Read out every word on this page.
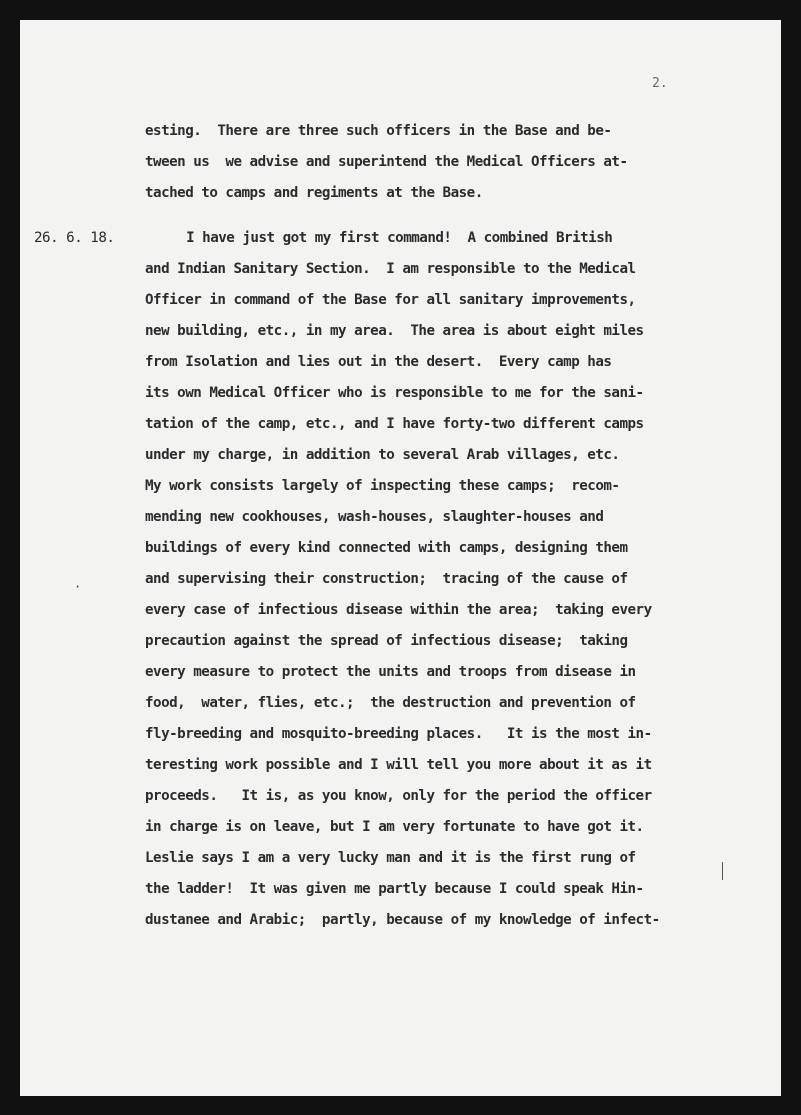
2.
esting.  There are three such officers in the Base and be-
tween us  we advise and superintend the Medical Officers at-
tached to camps and regiments at the Base.
26. 6. 18.	I have just got my first command!  A combined British
and Indian Sanitary Section.  I am responsible to the Medical
Officer in command of the Base for all sanitary improvements,
new building, etc., in my area.  The area is about eight miles
from Isolation and lies out in the desert.  Every camp has
its own Medical Officer who is responsible to me for the sani-
tation of the camp, etc., and I have forty-two different camps
under my charge, in addition to several Arab villages, etc.
My work consists largely of inspecting these camps;  recom-
mending new cookhouses, wash-houses, slaughter-houses and
buildings of every kind connected with camps, designing them
and supervising their construction;  tracing of the cause of
every case of infectious disease within the area;  taking every
precaution against the spread of infectious disease;  taking
every measure to protect the units and troops from disease in
food,  water, flies, etc.;  the destruction and prevention of
fly-breeding and mosquito-breeding places.   It is the most in-
teresting work possible and I will tell you more about it as it
proceeds.   It is, as you know, only for the period the officer
in charge is on leave, but I am very fortunate to have got it.
Leslie says I am a very lucky man and it is the first rung of
the ladder!  It was given me partly because I could speak Hin-
dustanee and Arabic;  partly, because of my knowledge of infect-
·
